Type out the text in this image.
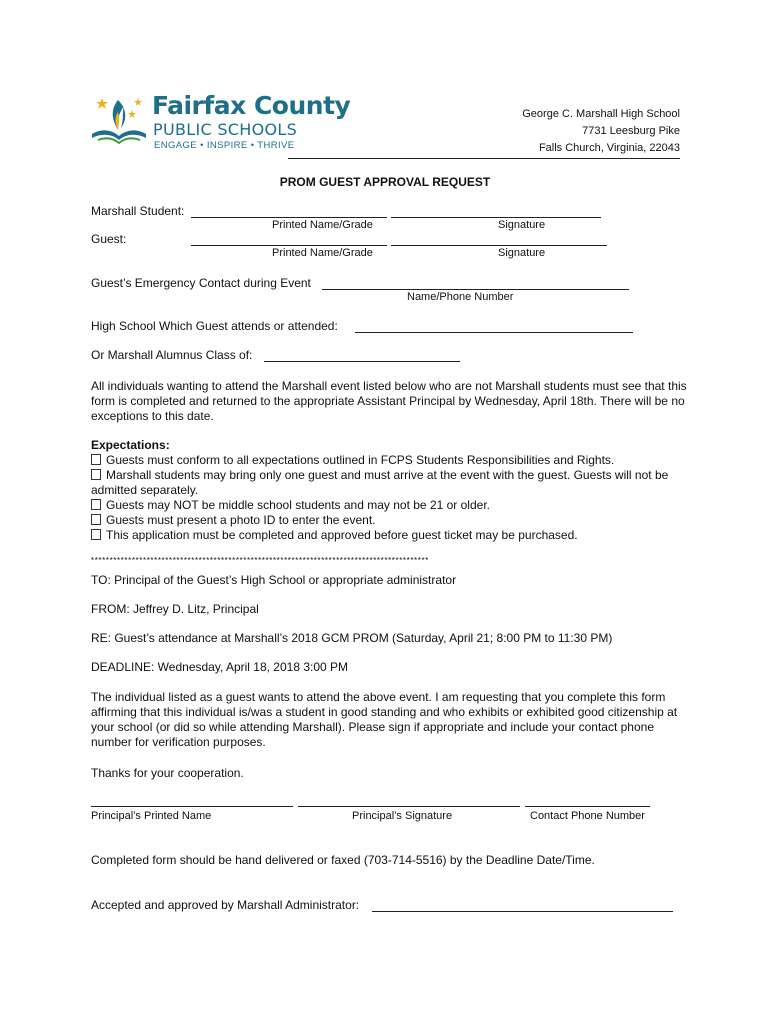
Fairfax County
PUBLIC SCHOOLS
ENGAGE • INSPIRE • THRIVE
George C. Marshall High School
7731 Leesburg Pike
Falls Church, Virginia, 22043
PROM GUEST APPROVAL REQUEST
Marshall Student:
Printed Name/Grade	Signature
Guest:
Printed Name/Grade	Signature
Guest’s Emergency Contact during Event
Name/Phone Number
High School Which Guest attends or attended:
Or Marshall Alumnus Class of:
All individuals wanting to attend the Marshall event listed below who are not Marshall students must see that this form is completed and returned to the appropriate Assistant Principal by Wednesday, April 18th. There will be no exceptions to this date.
Expectations:
Guests must conform to all expectations outlined in FCPS Students Responsibilities and Rights.
Marshall students may bring only one guest and must arrive at the event with the guest. Guests will not be admitted separately.
Guests may NOT be middle school students and may not be 21 or older.
Guests must present a photo ID to enter the event.
This application must be completed and approved before guest ticket may be purchased.
*******************************************************************************************
TO: Principal of the Guest’s High School or appropriate administrator
FROM: Jeffrey D. Litz, Principal
RE: Guest’s attendance at Marshall’s 2018 GCM PROM (Saturday, April 21; 8:00 PM to 11:30 PM)
DEADLINE: Wednesday, April 18, 2018 3:00 PM
The individual listed as a guest wants to attend the above event. I am requesting that you complete this form affirming that this individual is/was a student in good standing and who exhibits or exhibited good citizenship at your school (or did so while attending Marshall). Please sign if appropriate and include your contact phone number for verification purposes.
Thanks for your cooperation.
Principal’s Printed Name	Principal’s Signature	Contact Phone Number
Completed form should be hand delivered or faxed (703-714-5516) by the Deadline Date/Time.
Accepted and approved by Marshall Administrator:
